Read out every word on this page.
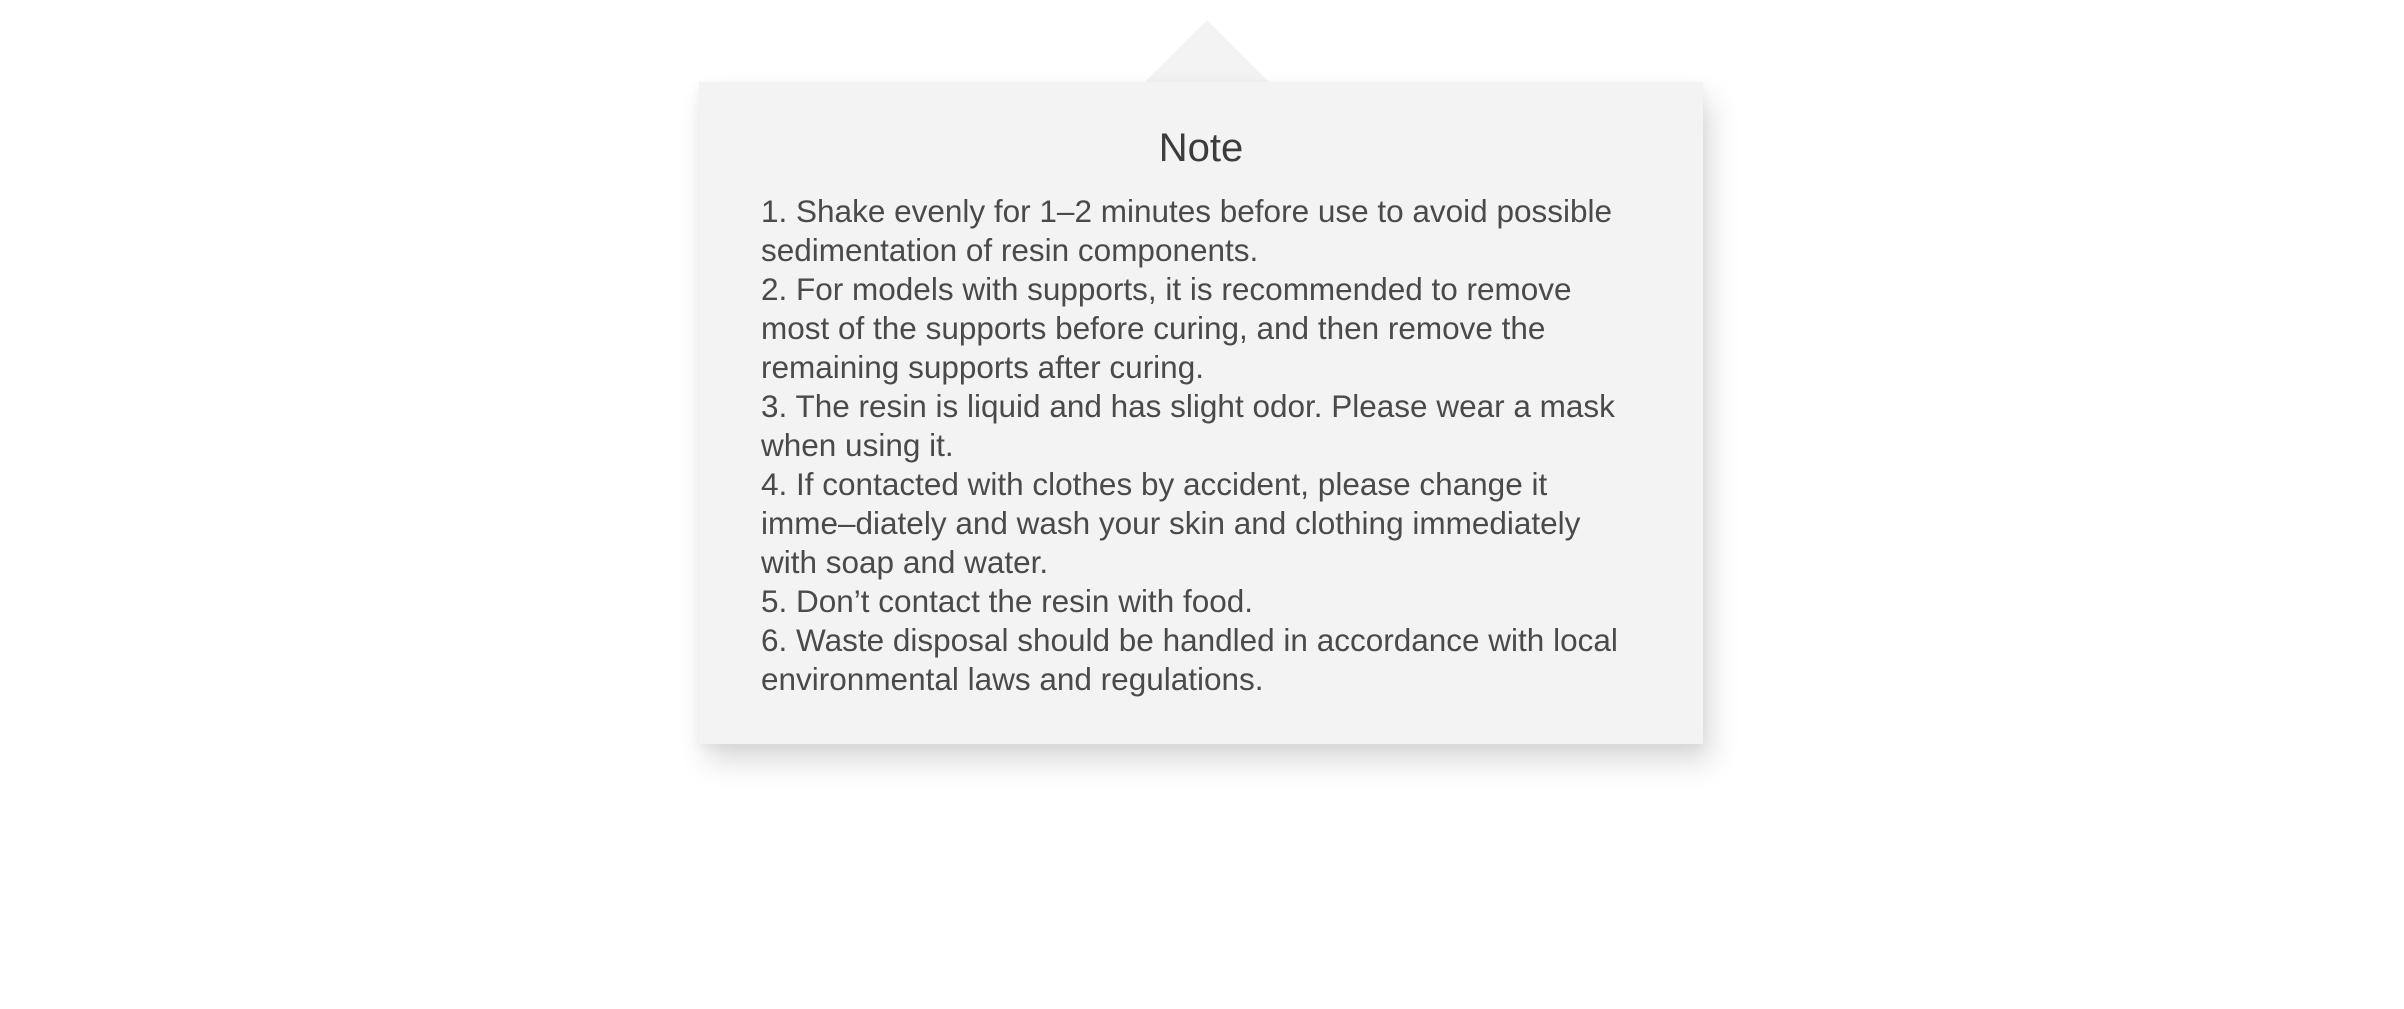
Note
1. Shake evenly for 1–2 minutes before use to avoid possible sedimentation of resin components.
2. For models with supports, it is recommended to remove most of the supports before curing, and then remove the remaining supports after curing.
3. The resin is liquid and has slight odor. Please wear a mask when using it.
4. If contacted with clothes by accident, please change it imme–diately and wash your skin and clothing immediately with soap and water.
5. Don’t contact the resin with food.
6. Waste disposal should be handled in accordance with local environmental laws and regulations.
